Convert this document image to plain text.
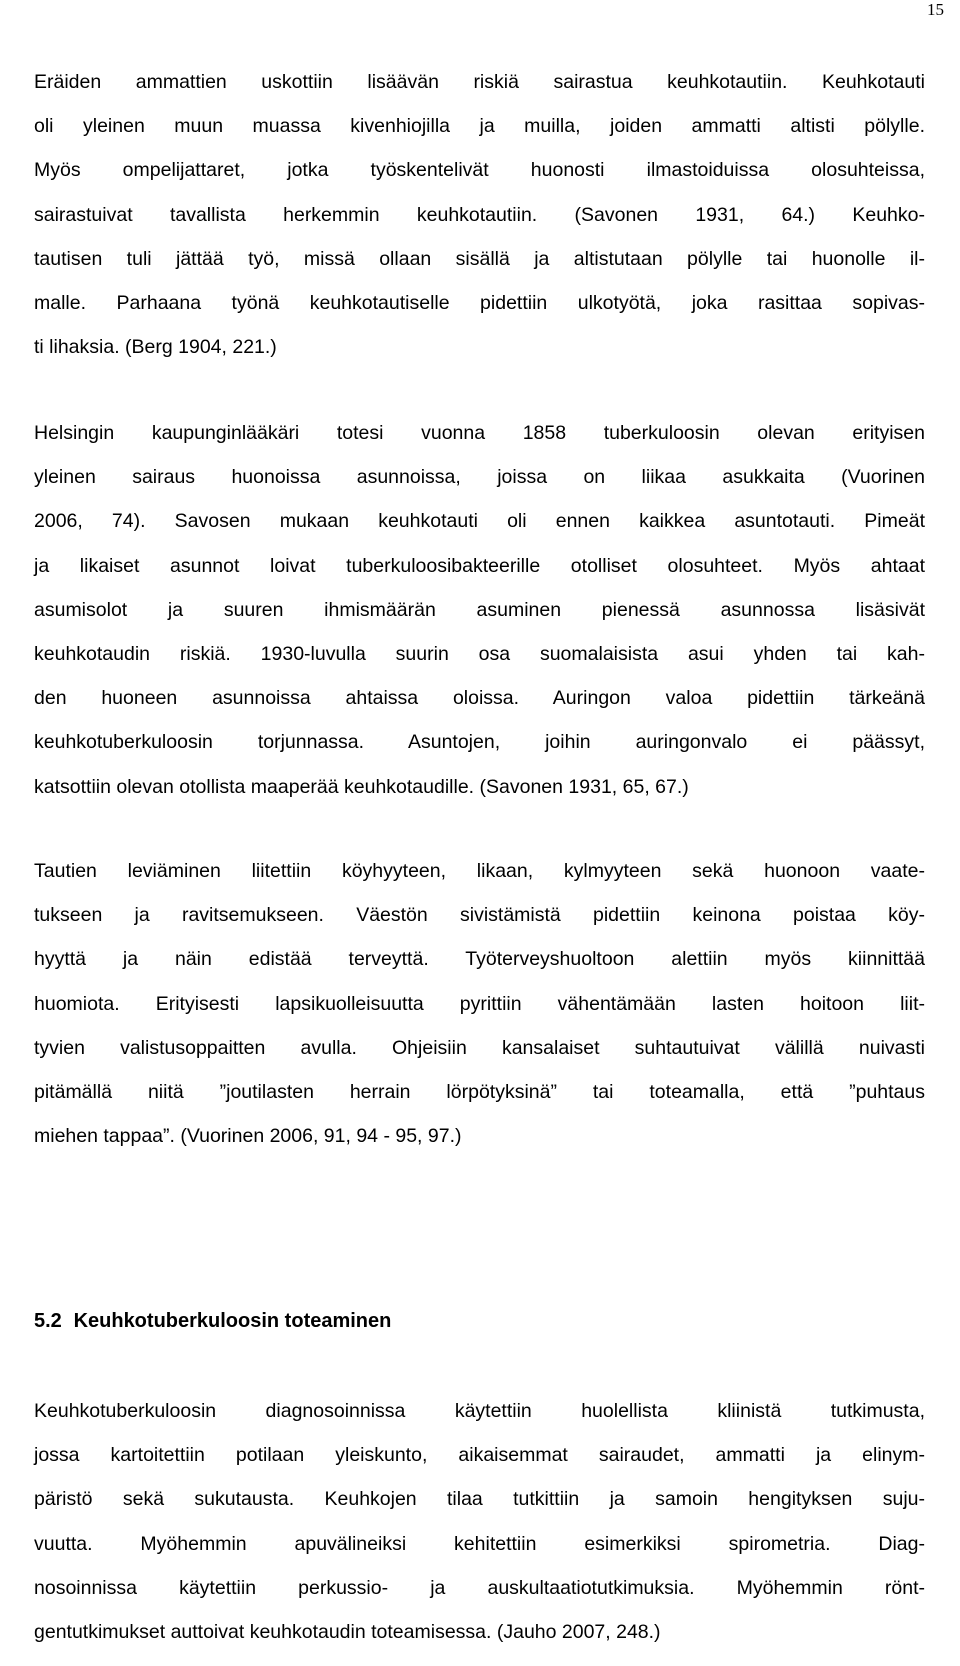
15

Eräiden ammattien uskottiin lisäävän riskiä sairastua keuhkotautiin. Keuhkotauti
oli yleinen muun muassa kivenhiojilla ja muilla, joiden ammatti altisti pölylle.
Myös ompelijattaret, jotka työskentelivät huonosti ilmastoiduissa olosuhteissa,
sairastuivat tavallista herkemmin keuhkotautiin. (Savonen 1931, 64.) Keuhko-
tautisen tuli jättää työ, missä ollaan sisällä ja altistutaan pölylle tai huonolle il-
malle. Parhaana työnä keuhkotautiselle pidettiin ulkotyötä, joka rasittaa sopivas-
ti lihaksia. (Berg 1904, 221.)

Helsingin kaupunginlääkäri totesi vuonna 1858 tuberkuloosin olevan erityisen
yleinen sairaus huonoissa asunnoissa, joissa on liikaa asukkaita (Vuorinen
2006, 74). Savosen mukaan keuhkotauti oli ennen kaikkea asuntotauti. Pimeät
ja likaiset asunnot loivat tuberkuloosibakteerille otolliset olosuhteet. Myös ahtaat
asumisolot ja suuren ihmismäärän asuminen pienessä asunnossa lisäsivät
keuhkotaudin riskiä. 1930-luvulla suurin osa suomalaisista asui yhden tai kah-
den huoneen asunnoissa ahtaissa oloissa. Auringon valoa pidettiin tärkeänä
keuhkotuberkuloosin torjunnassa. Asuntojen, joihin auringonvalo ei päässyt,
katsottiin olevan otollista maaperää keuhkotaudille. (Savonen 1931, 65, 67.)

Tautien leviäminen liitettiin köyhyyteen, likaan, kylmyyteen sekä huonoon vaate-
tukseen ja ravitsemukseen. Väestön sivistämistä pidettiin keinona poistaa köy-
hyyttä ja näin edistää terveyttä. Työterveyshuoltoon alettiin myös kiinnittää
huomiota. Erityisesti lapsikuolleisuutta pyrittiin vähentämään lasten hoitoon liit-
tyvien valistusoppaitten avulla. Ohjeisiin kansalaiset suhtautuivat välillä nuivasti
pitämällä niitä ”joutilasten herrain lörpötyksinä” tai toteamalla, että ”puhtaus
miehen tappaa”. (Vuorinen 2006, 91, 94 - 95, 97.)

5.2 Keuhkotuberkuloosin toteaminen

Keuhkotuberkuloosin diagnosoinnissa käytettiin huolellista kliinistä tutkimusta,
jossa kartoitettiin potilaan yleiskunto, aikaisemmat sairaudet, ammatti ja elinym-
päristö sekä sukutausta. Keuhkojen tilaa tutkittiin ja samoin hengityksen suju-
vuutta. Myöhemmin apuvälineiksi kehitettiin esimerkiksi spirometria. Diag-
nosoinnissa käytettiin perkussio- ja auskultaatiotutkimuksia. Myöhemmin rönt-
gentutkimukset auttoivat keuhkotaudin toteamisessa. (Jauho 2007, 248.)
